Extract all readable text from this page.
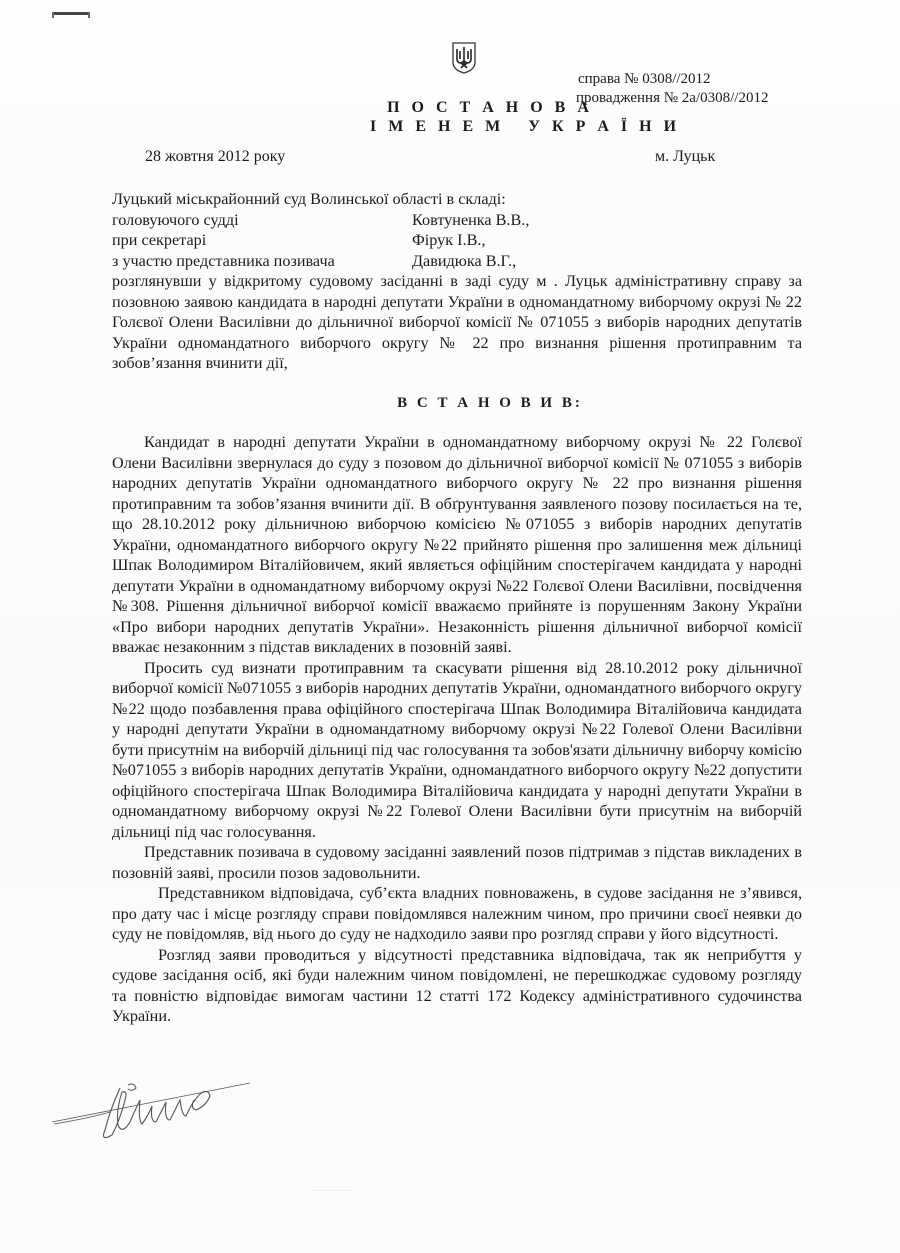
справа № 0308//2012
провадження № 2а/0308//2012
П О С Т А Н О В А
І М Е Н Е М   У К Р А Ї Н И
28 жовтня 2012 року	м. Луцьк
Луцький міськрайонний суд Волинської області в складі:
головуючого судді	Ковтуненка В.В.,
при секретарі	Фірук І.В.,
з участю представника позивача	Давидюка В.Г.,

розглянувши у відкритому судовому засіданні в заді суду м . Луцьк адміністративну справу за позовною заявою кандидата в народні депутати України в одномандатному виборчому окрузі № 22 Голєвої Олени Василівни до дільничної виборчої комісії № 071055 з виборів народних депутатів України одномандатного виборчого округу № 22 про визнання рішення протиправним та зобов’язання вчинити дії,

В С Т А Н О В И В:

Кандидат в народні депутати України в одномандатному виборчому окрузі № 22 Голєвої Олени Василівни звернулася до суду з позовом до дільничної виборчої комісії № 071055 з виборів народних депутатів України одномандатного виборчого округу № 22 про визнання рішення протиправним та зобов’язання вчинити дії. В обґрунтування заявленого позову посилається на те, що 28.10.2012 року дільничною виборчою комісією №071055 з виборів народних депутатів України, одномандатного виборчого округу №22 прийнято рішення про залишення меж дільниці Шпак Володимиром Віталійовичем, який являється офіційним спостерігачем кандидата у народні депутати України в одномандатному виборчому окрузі №22 Голєвої Олени Василівни, посвідчення №308. Рішення дільничної виборчої комісії вважаємо прийняте із порушенням Закону України «Про вибори народних депутатів України». Незаконність рішення дільничної виборчої комісії вважає незаконним з підстав викладених в позовній заяві.

Просить суд визнати протиправним та скасувати рішення від 28.10.2012 року дільничної виборчої комісії №071055 з виборів народних депутатів України, одномандатного виборчого округу №22 щодо позбавлення права офіційного спостерігача Шпак Володимира Віталійовича кандидата у народні депутати України в одномандатному виборчому окрузі №22 Голевої Олени Василівни бути присутнім на виборчій дільниці під час голосування та зобов'язати дільничну виборчу комісію №071055 з виборів народних депутатів України, одномандатного виборчого округу №22 допустити офіційного спостерігача Шпак Володимира Віталійовича кандидата у народні депутати України в одномандатному виборчому окрузі №22 Голевої Олени Василівни бути присутнім на виборчій дільниці під час голосування.

Представник позивача в судовому засіданні заявлений позов підтримав з підстав викладених в позовній заяві, просили позов задовольнити.

Представником відповідача, суб’єкта владних повноважень, в судове засідання не з’явився, про дату час і місце розгляду справи повідомлявся належним чином, про причини своєї неявки до суду не повідомляв, від нього до суду не надходило заяви про розгляд справи у його відсутності.

Розгляд заяви проводиться у відсутності представника відповідача, так як неприбуття у судове засідання осіб, які буди належним чином повідомлені, не перешкоджає судовому розгляду та повністю відповідає вимогам частини 12 статті 172 Кодексу адміністративного судочинства України.

.................
